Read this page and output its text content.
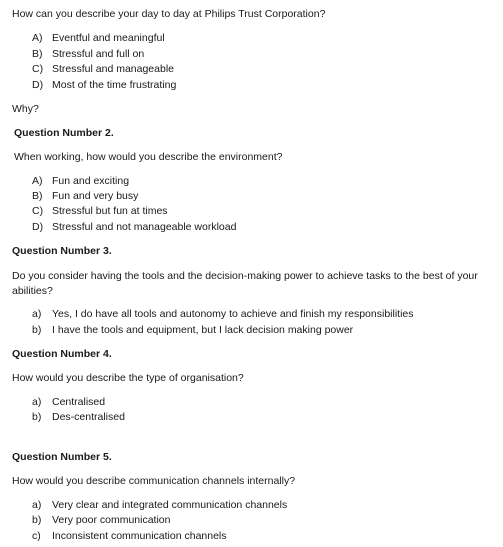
How can you describe your day to day at Philips Trust Corporation?
A) Eventful and meaningful
B) Stressful and full on
C) Stressful and manageable
D) Most of the time frustrating
Why?
Question Number 2.
When working, how would you describe the environment?
A) Fun and exciting
B) Fun and very busy
C) Stressful but fun at times
D) Stressful and not manageable workload
Question Number 3.
Do you consider having the tools and the decision-making power to achieve tasks to the best of your abilities?
a) Yes, I do have all tools and autonomy to achieve and finish my responsibilities
b) I have the tools and equipment, but I lack decision making power
Question Number 4.
How would you describe the type of organisation?
a) Centralised
b) Des-centralised
Question Number 5.
How would you describe communication channels internally?
a) Very clear and integrated communication channels
b) Very poor communication
c) Inconsistent communication channels
